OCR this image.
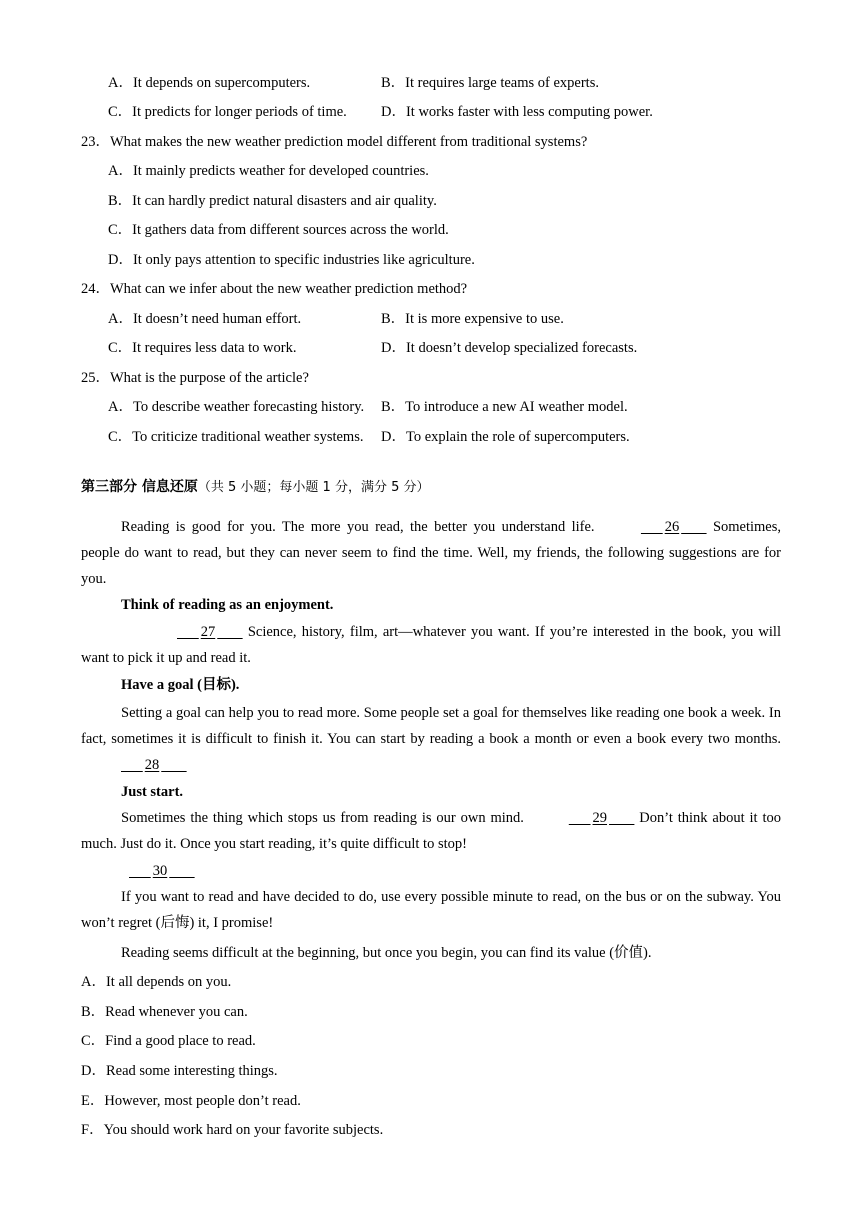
A．It depends on supercomputers.	B．It requires large teams of experts.
C．It predicts for longer periods of time. D．It works faster with less computing power.
23．What makes the new weather prediction model different from traditional systems?
A．It mainly predicts weather for developed countries.
B．It can hardly predict natural disasters and air quality.
C．It gathers data from different sources across the world.
D．It only pays attention to specific industries like agriculture.
24．What can we infer about the new weather prediction method?
A．It doesn’t need human effort.	B．It is more expensive to use.
C．It requires less data to work.	D．It doesn’t develop specialized forecasts.
25．What is the purpose of the article?
A．To describe weather forecasting history. B．To introduce a new AI weather model.
C．To criticize traditional weather systems. D．To explain the role of supercomputers.
第三部分 信息还原（共 5 小题；每小题 1 分，满分 5 分）
Reading is good for you. The more you read, the better you understand life.	26 Sometimes, people do want to read, but they can never seem to find the time. Well, my friends, the following suggestions are for you.
Think of reading as an enjoyment.
27 Science, history, film, art—whatever you want. If you’re interested in the book, you will want to pick it up and read it.
Have a goal (目标).
Setting a goal can help you to read more. Some people set a goal for themselves like reading one book a week. In fact, sometimes it is difficult to finish it. You can start by reading a book a month or even a book every two months.       28
Just start.
Sometimes the thing which stops us from reading is our own mind.	29 Don’t think about it too much. Just do it. Once you start reading, it’s quite difficult to stop!
30
If you want to read and have decided to do, use every possible minute to read, on the bus or on the subway. You won’t regret (后悔) it, I promise!
Reading seems difficult at the beginning, but once you begin, you can find its value (价值).
A．It all depends on you.
B．Read whenever you can.
C．Find a good place to read.
D．Read some interesting things.
E．However, most people don’t read.
F．You should work hard on your favorite subjects.
